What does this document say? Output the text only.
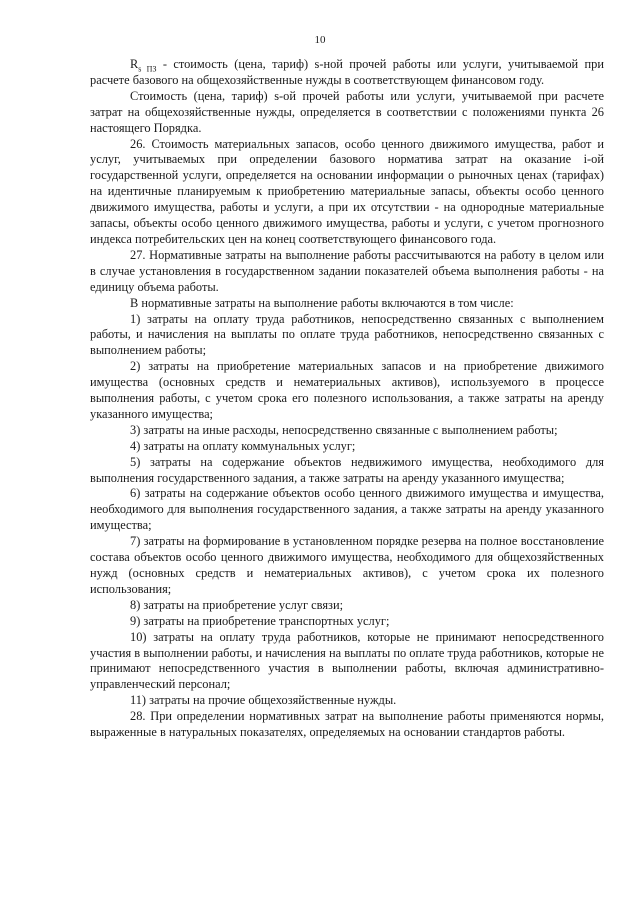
10

$R_{s ПЗ}$ - стоимость (цена, тариф) s-ной прочей работы или услуги, учитываемой при расчете базового на общехозяйственные нужды в соответствующем финансовом году.

Стоимость (цена, тариф) s-ой прочей работы или услуги, учитываемой при расчете затрат на общехозяйственные нужды, определяется в соответствии с положениями пункта 26 настоящего Порядка.

26. Стоимость материальных запасов, особо ценного движимого имущества, работ и услуг, учитываемых при определении базового норматива затрат на оказание i-ой государственной услуги, определяется на основании информации о рыночных ценах (тарифах) на идентичные планируемым к приобретению материальные запасы, объекты особо ценного движимого имущества, работы и услуги, а при их отсутствии - на однородные материальные запасы, объекты особо ценного движимого имущества, работы и услуги, с учетом прогнозного индекса потребительских цен на конец соответствующего финансового года.

27. Нормативные затраты на выполнение работы рассчитываются на работу в целом или в случае установления в государственном задании показателей объема выполнения работы - на единицу объема работы.

В нормативные затраты на выполнение работы включаются в том числе:

1) затраты на оплату труда работников, непосредственно связанных с выполнением работы, и начисления на выплаты по оплате труда работников, непосредственно связанных с выполнением работы;

2) затраты на приобретение материальных запасов и на приобретение движимого имущества (основных средств и нематериальных активов), используемого в процессе выполнения работы, с учетом срока его полезного использования, а также затраты на аренду указанного имущества;

3) затраты на иные расходы, непосредственно связанные с выполнением работы;

4) затраты на оплату коммунальных услуг;

5) затраты на содержание объектов недвижимого имущества, необходимого для выполнения государственного задания, а также затраты на аренду указанного имущества;

6) затраты на содержание объектов особо ценного движимого имущества и имущества, необходимого для выполнения государственного задания, а также затраты на аренду указанного имущества;

7) затраты на формирование в установленном порядке резерва на полное восстановление состава объектов особо ценного движимого имущества, необходимого для общехозяйственных нужд (основных средств и нематериальных активов), с учетом срока их полезного использования;

8) затраты на приобретение услуг связи;

9) затраты на приобретение транспортных услуг;

10) затраты на оплату труда работников, которые не принимают непосредственного участия в выполнении работы, и начисления на выплаты по оплате труда работников, которые не принимают непосредственного участия в выполнении работы, включая административно-управленческий персонал;

11) затраты на прочие общехозяйственные нужды.

28. При определении нормативных затрат на выполнение работы применяются нормы, выраженные в натуральных показателях, определяемых на основании стандартов работы.
